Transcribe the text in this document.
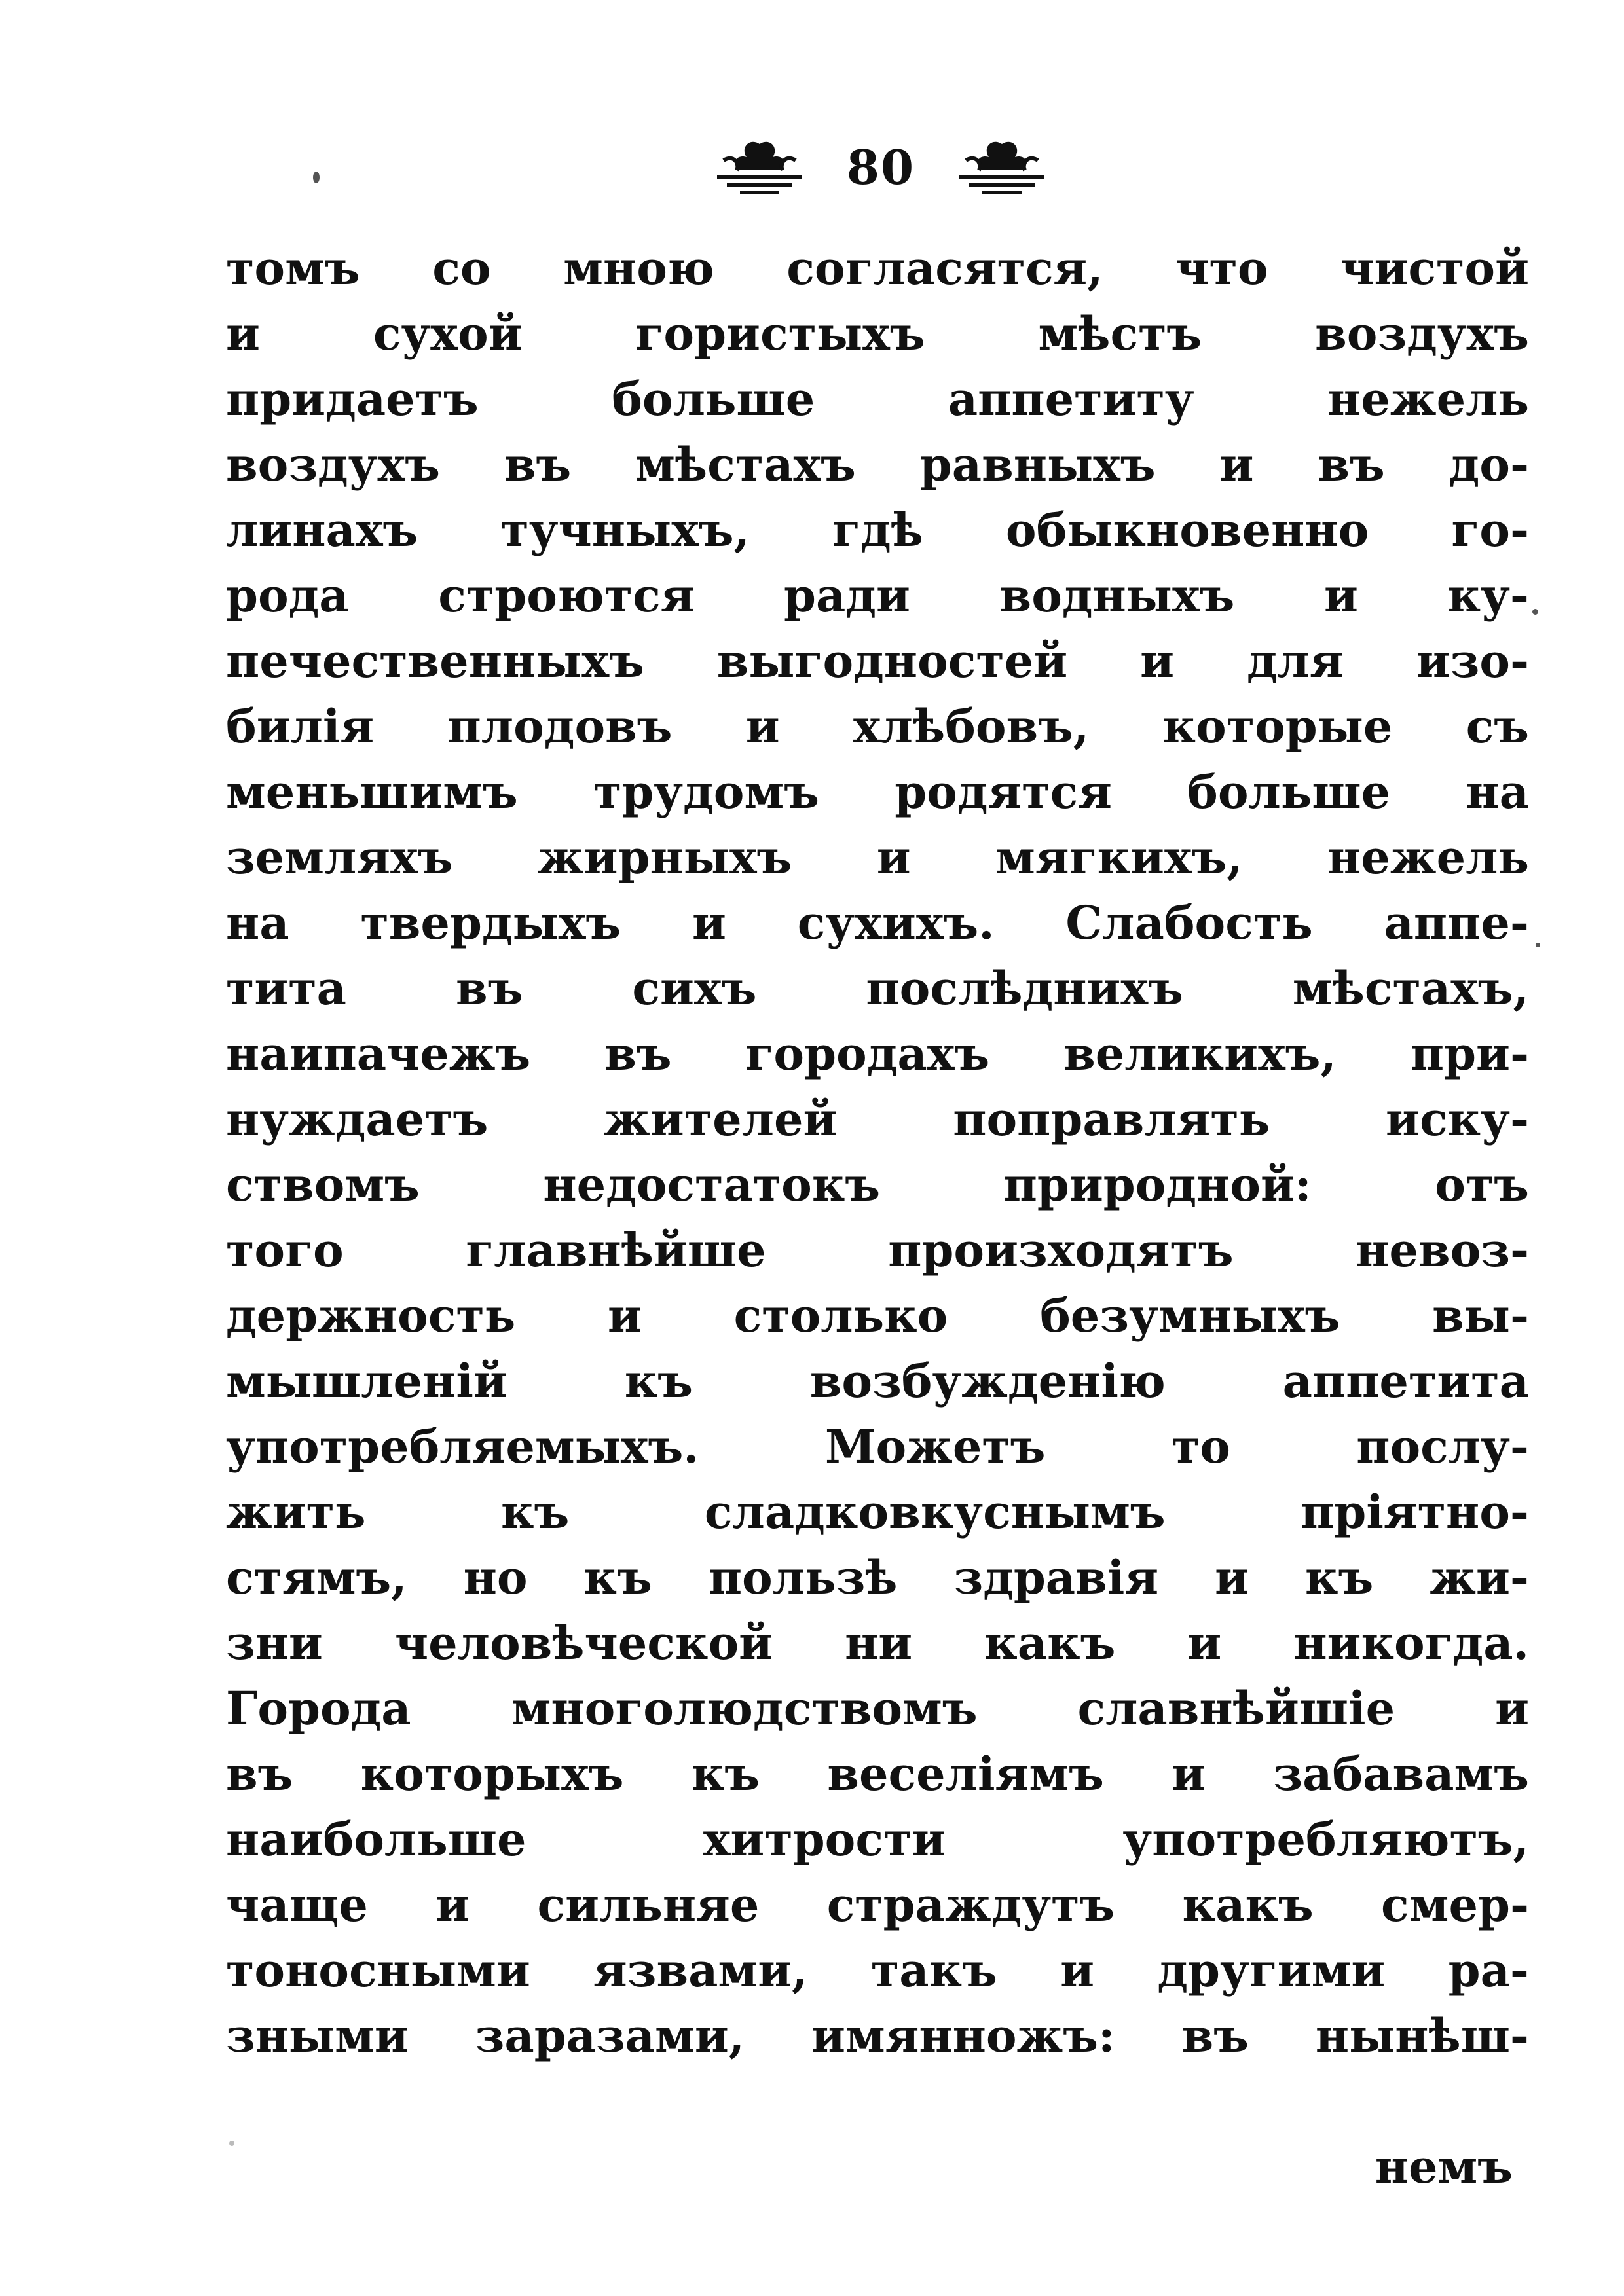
80
томъ со мною согласятся, что чистой
и сухой гористыхъ мѣстъ воздухъ
придаетъ больше аппетиту нежель
воздухъ въ мѣстахъ равныхъ и въ до-
линахъ тучныхъ, гдѣ обыкновенно го-
рода строются ради водныхъ и ку-
печественныхъ выгодностей и для изо-
билія плодовъ и хлѣбовъ, которые съ
меньшимъ трудомъ родятся больше на
земляхъ жирныхъ и мягкихъ, нежель
на твердыхъ и сухихъ. Слабость аппе-
тита въ сихъ послѣднихъ мѣстахъ,
наипачежъ въ городахъ великихъ, при-
нуждаетъ жителей поправлять иску-
ствомъ недостатокъ природной: отъ
того главнѣйше произходятъ невоз-
держность и столько безумныхъ вы-
мышленій къ возбужденію аппетита
употребляемыхъ. Можетъ то послу-
жить къ сладковкуснымъ пріятно-
стямъ, но къ пользѣ здравія и къ жи-
зни человѣческой ни какъ и никогда.
Города многолюдствомъ славнѣйшіе и
въ которыхъ къ веселіямъ и забавамъ
наибольше хитрости употребляютъ,
чаще и сильняе страждутъ какъ смер-
тоносными язвами, такъ и другими ра-
зными заразами, имянножъ: въ нынѣш-
немъ
